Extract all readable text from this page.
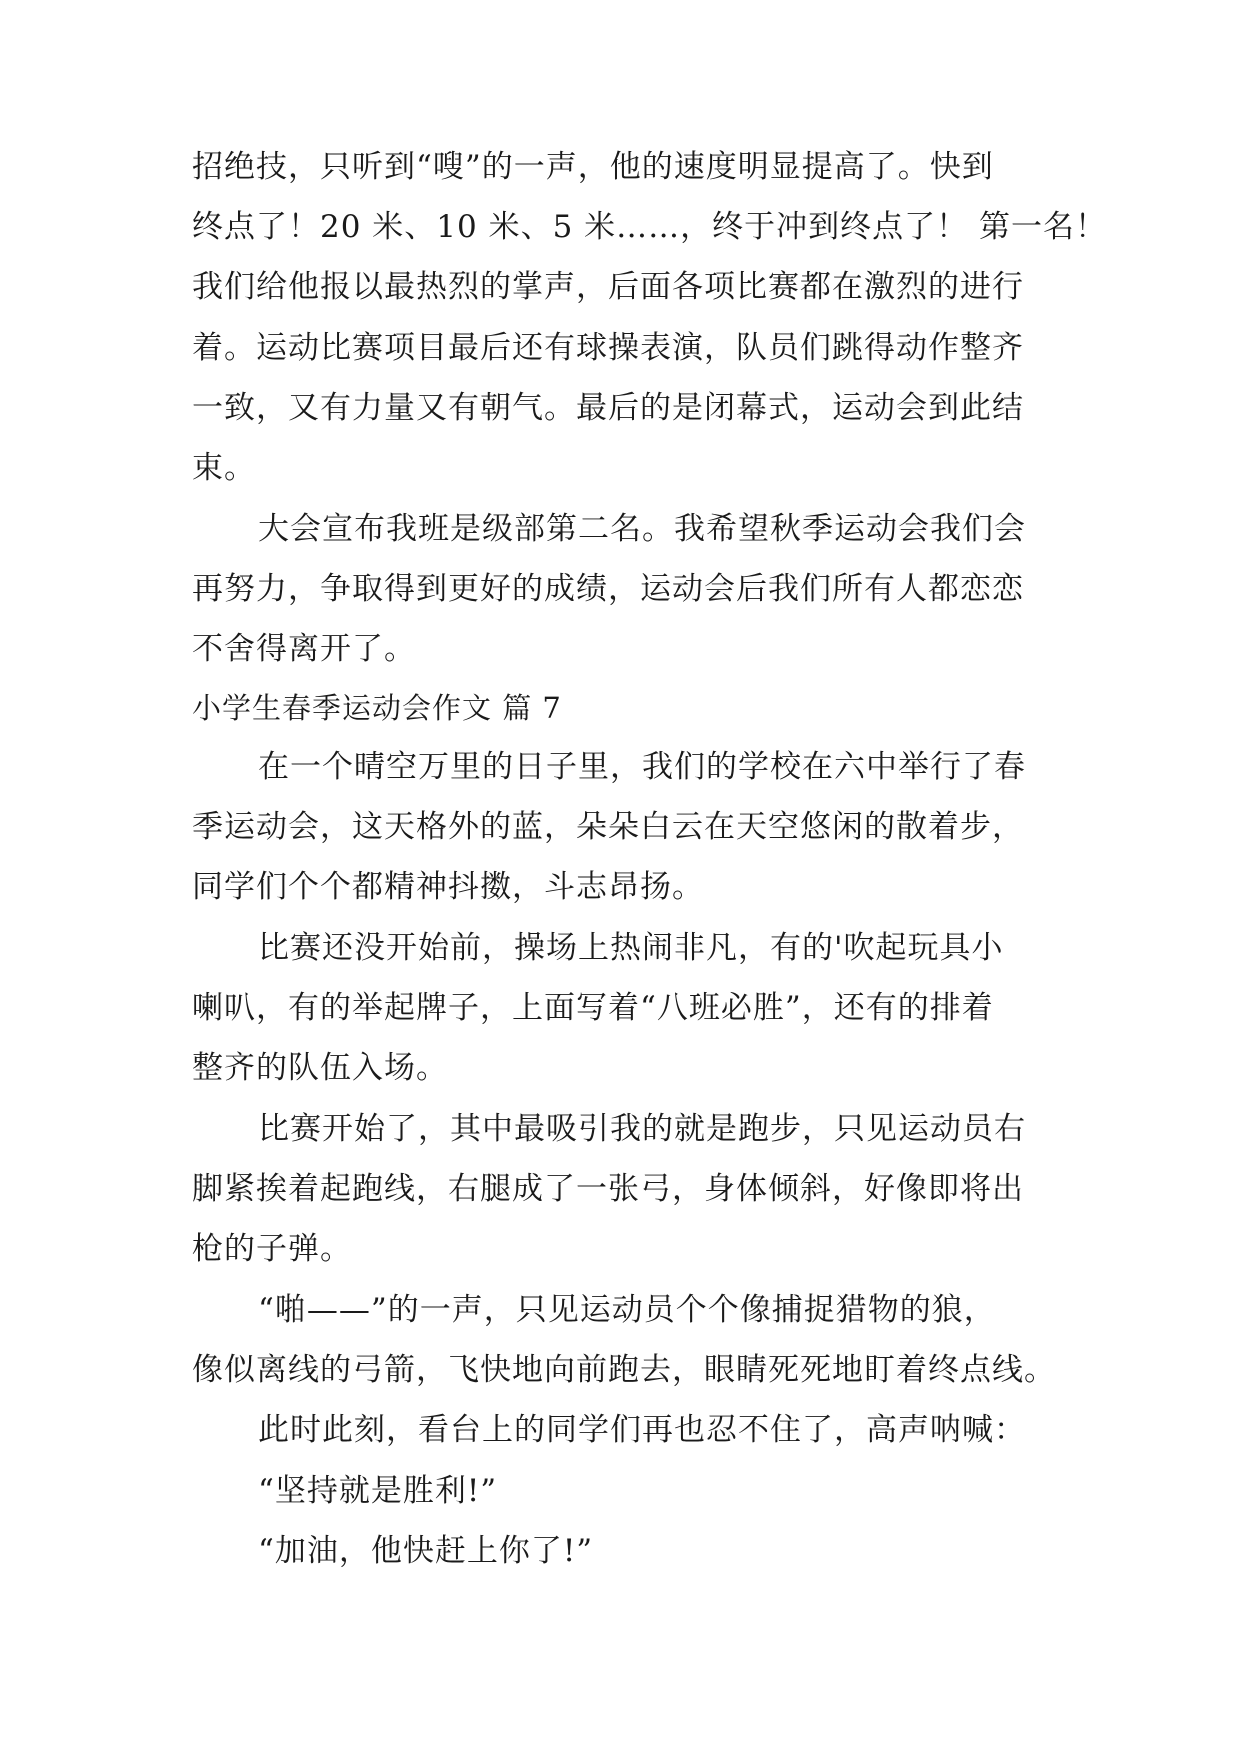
招绝技，只听到“嗖”的一声，他的速度明显提高了。快到
终点了！20 米、10 米、5 米……，终于冲到终点了！ 第一名！
我们给他报以最热烈的掌声，后面各项比赛都在激烈的进行
着。运动比赛项目最后还有球操表演，队员们跳得动作整齐
一致，又有力量又有朝气。最后的是闭幕式，运动会到此结
束。
大会宣布我班是级部第二名。我希望秋季运动会我们会
再努力，争取得到更好的成绩，运动会后我们所有人都恋恋
不舍得离开了。
小学生春季运动会作文 篇 7
在一个晴空万里的日子里，我们的学校在六中举行了春
季运动会，这天格外的蓝，朵朵白云在天空悠闲的散着步，
同学们个个都精神抖擞，斗志昂扬。
比赛还没开始前，操场上热闹非凡，有的'吹起玩具小
喇叭，有的举起牌子，上面写着“八班必胜”，还有的排着
整齐的队伍入场。
比赛开始了，其中最吸引我的就是跑步，只见运动员右
脚紧挨着起跑线，右腿成了一张弓，身体倾斜，好像即将出
枪的子弹。
“啪——”的一声，只见运动员个个像捕捉猎物的狼，
像似离线的弓箭，飞快地向前跑去，眼睛死死地盯着终点线。
此时此刻，看台上的同学们再也忍不住了，高声呐喊：
“坚持就是胜利!”
“加油，他快赶上你了!”
